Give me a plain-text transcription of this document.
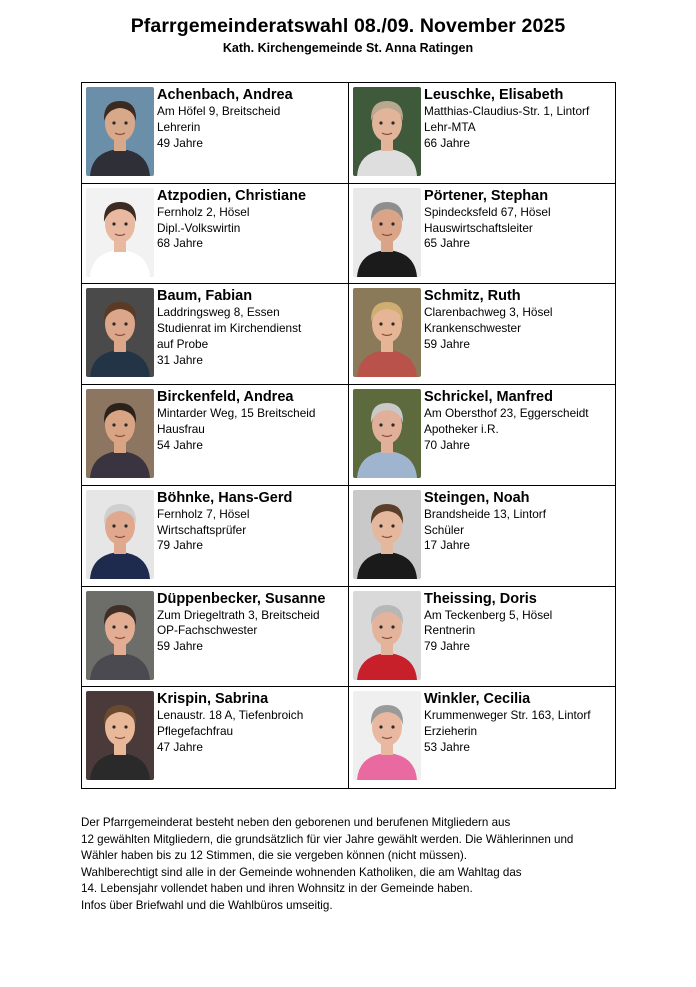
Pfarrgemeinderatswahl 08./09. November 2025
Kath. Kirchengemeinde St. Anna Ratingen
Achenbach, Andrea
Am Höfel 9, Breitscheid
Lehrerin
49 Jahre
Leuschke, Elisabeth
Matthias-Claudius-Str. 1, Lintorf
Lehr-MTA
66 Jahre
Atzpodien, Christiane
Fernholz 2, Hösel
Dipl.-Volkswirtin
68 Jahre
Pörtener, Stephan
Spindecksfeld 67, Hösel
Hauswirtschaftsleiter
65 Jahre
Baum, Fabian
Laddringsweg 8, Essen
Studienrat im Kirchendienst
auf Probe
31 Jahre
Schmitz, Ruth
Clarenbachweg 3, Hösel
Krankenschwester
59 Jahre
Birckenfeld, Andrea
Mintarder Weg, 15 Breitscheid
Hausfrau
54 Jahre
Schrickel, Manfred
Am Obersthof 23, Eggerscheidt
Apotheker i.R.
70 Jahre
Böhnke, Hans-Gerd
Fernholz 7, Hösel
Wirtschaftsprüfer
79 Jahre
Steingen, Noah
Brandsheide 13, Lintorf
Schüler
17 Jahre
Düppenbecker, Susanne
Zum Driegeltrath 3, Breitscheid
OP-Fachschwester
59 Jahre
Theissing, Doris
Am Teckenberg 5, Hösel
Rentnerin
79 Jahre
Krispin, Sabrina
Lenaustr. 18 A, Tiefenbroich
Pflegefachfrau
47 Jahre
Winkler, Cecilia
Krummenweger Str. 163, Lintorf
Erzieherin
53 Jahre
Der Pfarrgemeinderat besteht neben den geborenen und berufenen Mitgliedern aus
12 gewählten Mitgliedern, die grundsätzlich für vier Jahre gewählt werden. Die Wählerinnen und
Wähler haben bis zu 12 Stimmen, die sie vergeben können (nicht müssen).
Wahlberechtigt sind alle in der Gemeinde wohnenden Katholiken, die am Wahltag das
14. Lebensjahr vollendet haben und ihren Wohnsitz in der Gemeinde haben.
Infos über Briefwahl und die Wahlbüros umseitig.
